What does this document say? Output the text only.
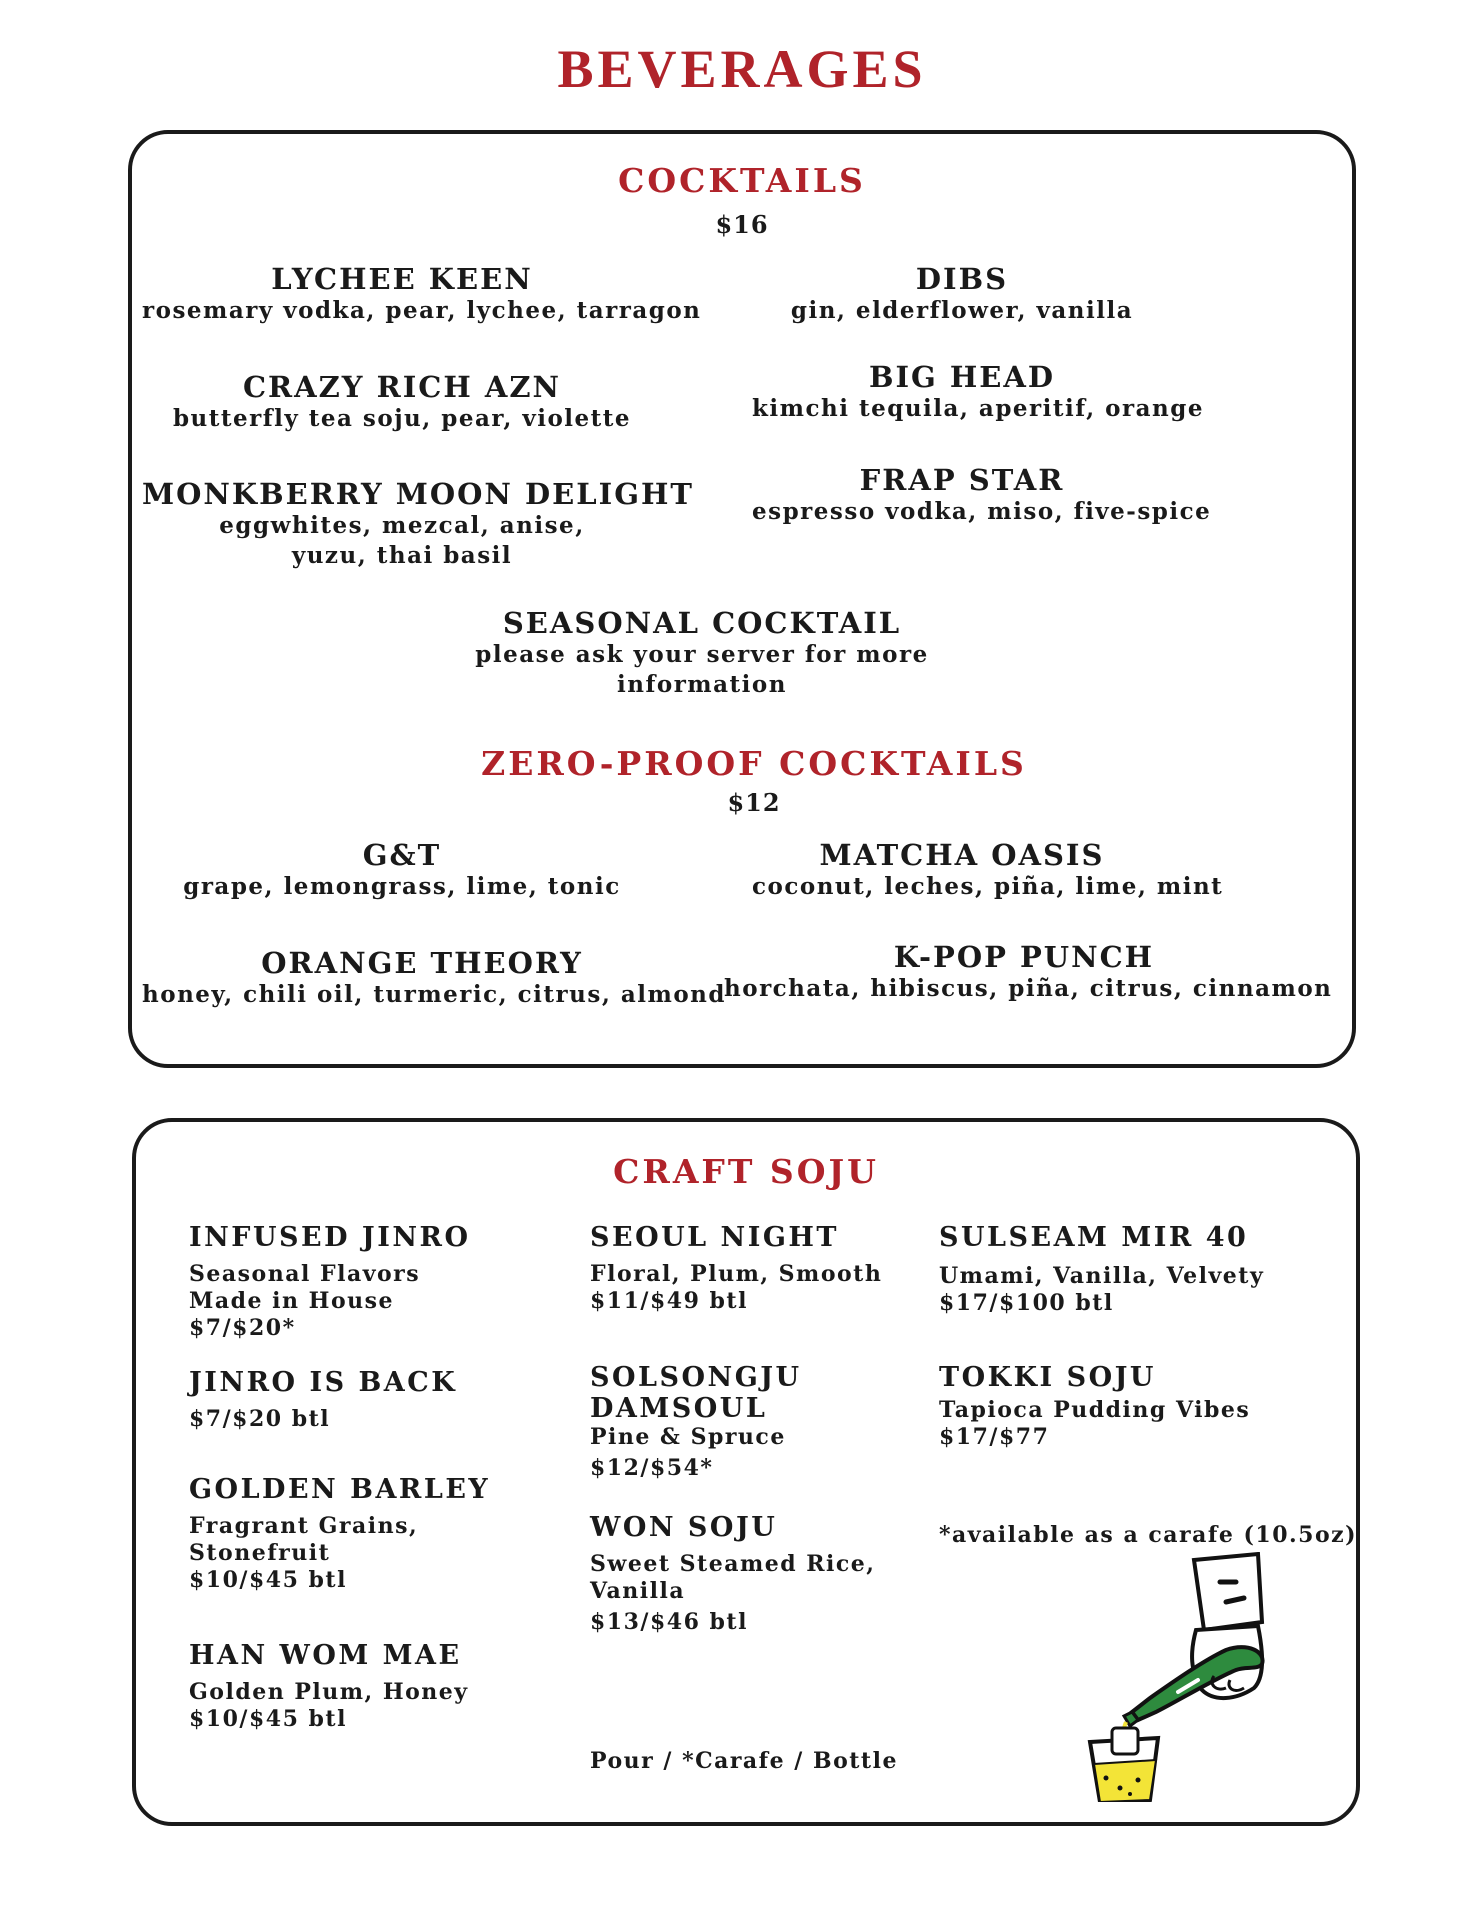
BEVERAGES
COCKTAILS
$16
LYCHEE KEEN
rosemary vodka, pear, lychee, tarragon
CRAZY RICH AZN
butterfly tea soju, pear, violette
MONKBERRY MOON DELIGHT
eggwhites, mezcal, anise,
yuzu, thai basil
DIBS
gin, elderflower, vanilla
BIG HEAD
kimchi tequila, aperitif, orange
FRAP STAR
espresso vodka, miso, five-spice
SEASONAL COCKTAIL
please ask your server for more
information
ZERO-PROOF COCKTAILS
$12
G&T
grape, lemongrass, lime, tonic
MATCHA OASIS
coconut, leches, piña, lime, mint
ORANGE THEORY
honey, chili oil, turmeric, citrus, almond
K-POP PUNCH
horchata, hibiscus, piña, citrus, cinnamon
CRAFT SOJU
INFUSED JINRO
Seasonal Flavors
Made in House
$7/$20*
JINRO IS BACK
$7/$20 btl
GOLDEN BARLEY
Fragrant Grains,
Stonefruit
$10/$45 btl
HAN WOM MAE
Golden Plum, Honey
$10/$45 btl
SEOUL NIGHT
Floral, Plum, Smooth
$11/$49 btl
SOLSONGJU
DAMSOUL
Pine & Spruce
$12/$54*
WON SOJU
Sweet Steamed Rice,
Vanilla
$13/$46 btl
Pour / *Carafe / Bottle
SULSEAM MIR 40
Umami, Vanilla, Velvety
$17/$100 btl
TOKKI SOJU
Tapioca Pudding Vibes
$17/$77
*available as a carafe (10.5oz)
